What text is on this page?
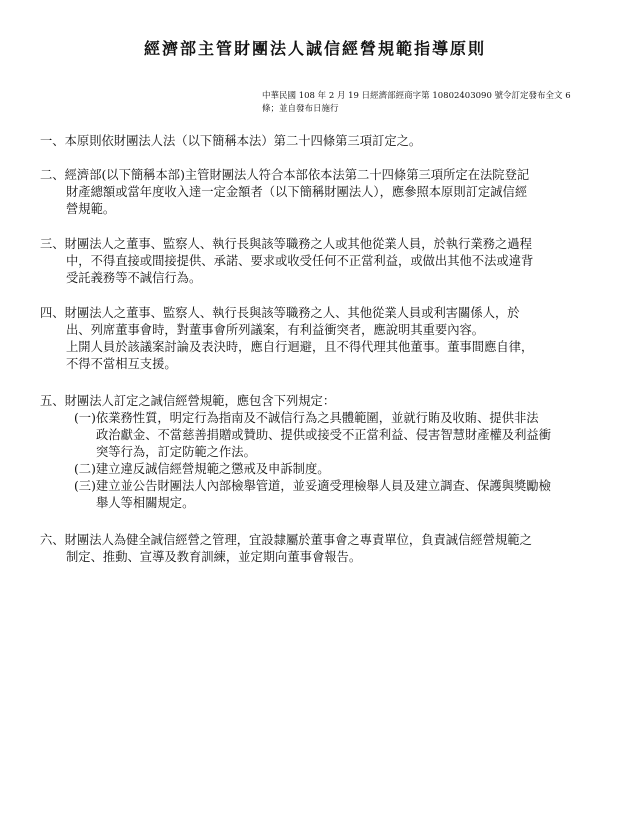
經濟部主管財團法人誠信經營規範指導原則
中華民國 108 年 2 月 19 日經濟部經商字第 10802403090 號令訂定發布全文 6
條；並自發布日施行
一、本原則依財團法人法（以下簡稱本法）第二十四條第三項訂定之。
二、經濟部(以下簡稱本部)主管財團法人符合本部依本法第二十四條第三項所定在法院登記
財產總額或當年度收入達一定金額者（以下簡稱財團法人），應參照本原則訂定誠信經
營規範。
三、財團法人之董事、監察人、執行長與該等職務之人或其他從業人員，於執行業務之過程
中，不得直接或間接提供、承諾、要求或收受任何不正當利益，或做出其他不法或違背
受託義務等不誠信行為。
四、財團法人之董事、監察人、執行長與該等職務之人、其他從業人員或利害關係人，於
出、列席董事會時，對董事會所列議案，有利益衝突者，應說明其重要內容。
上開人員於該議案討論及表決時，應自行迴避，且不得代理其他董事。董事間應自律，
不得不當相互支援。
五、財團法人訂定之誠信經營規範，應包含下列規定：
(一)依業務性質，明定行為指南及不誠信行為之具體範圍，並就行賄及收賄、提供非法
政治獻金、不當慈善捐贈或贊助、提供或接受不正當利益、侵害智慧財產權及利益衝
突等行為，訂定防範之作法。
(二)建立違反誠信經營規範之懲戒及申訴制度。
(三)建立並公告財團法人內部檢舉管道，並妥適受理檢舉人員及建立調查、保護與獎勵檢
舉人等相關規定。
六、財團法人為健全誠信經營之管理，宜設隸屬於董事會之專責單位，負責誠信經營規範之
制定、推動、宣導及教育訓練，並定期向董事會報告。
